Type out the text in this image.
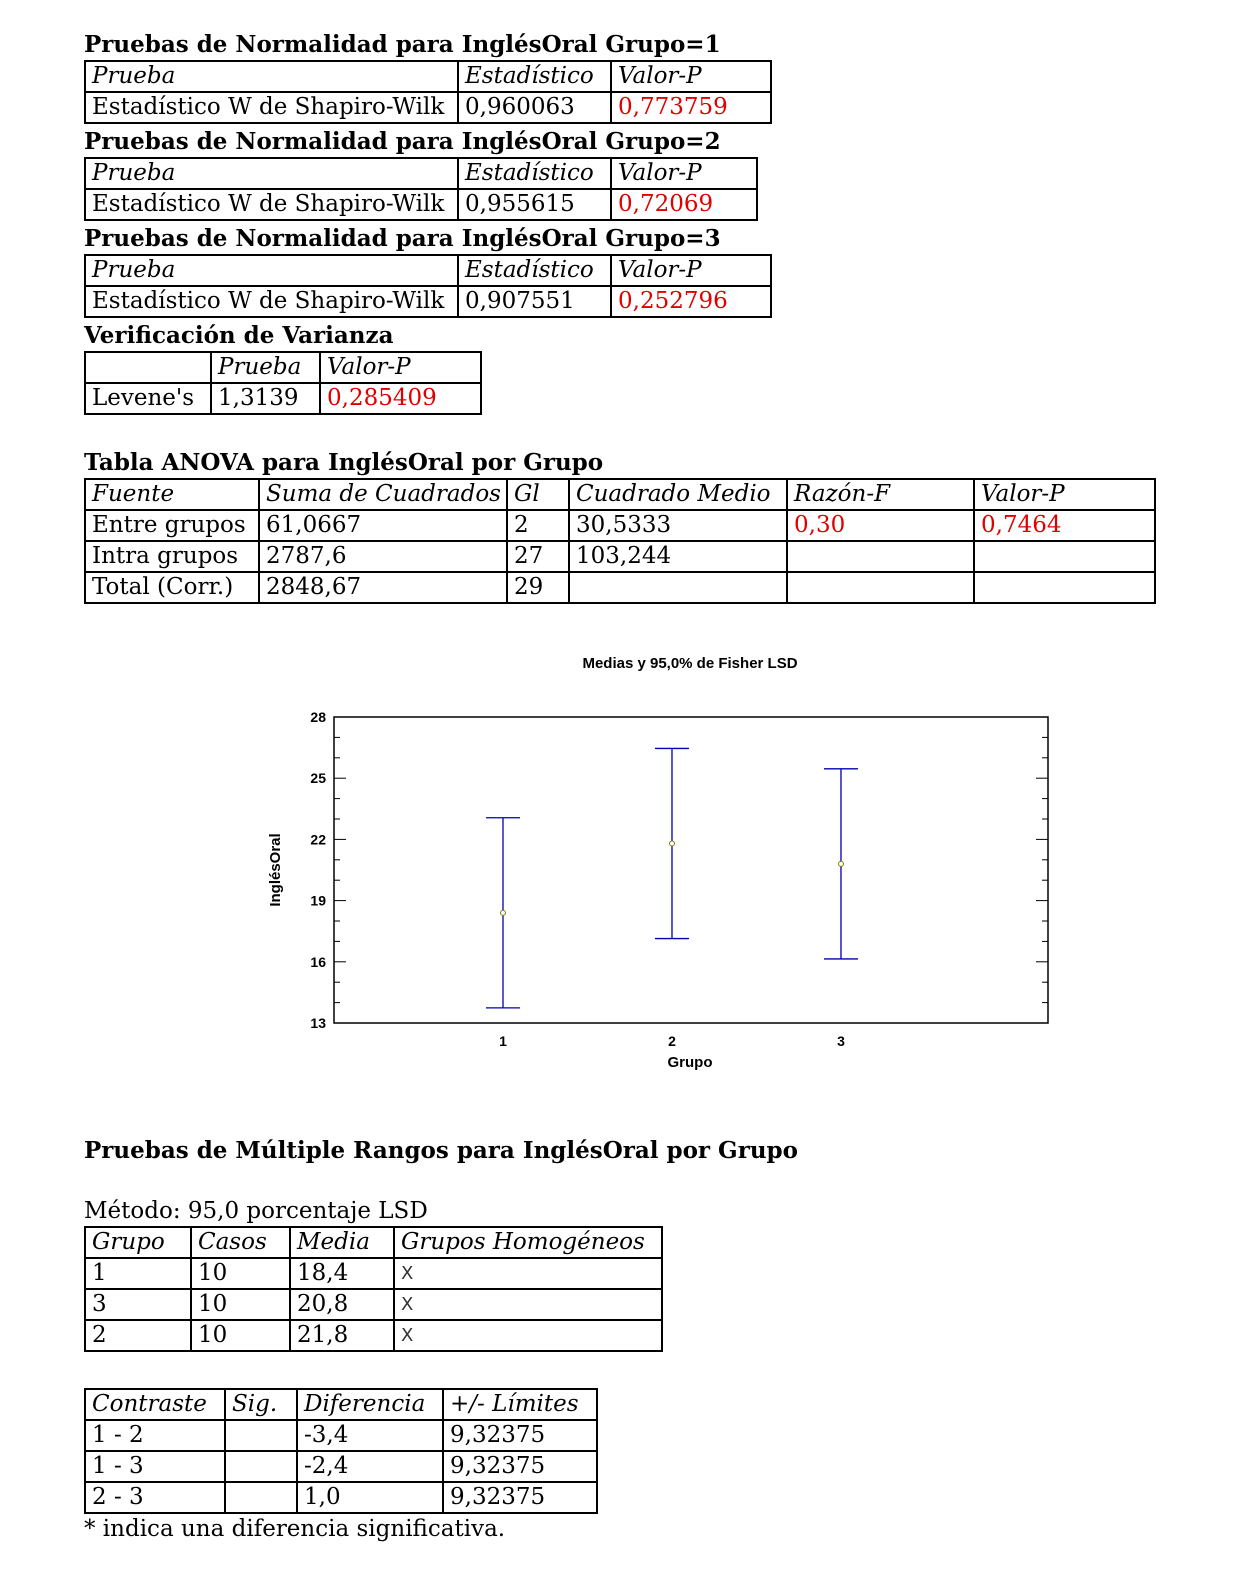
Pruebas de Normalidad para InglésOral Grupo=1
Prueba	Estadístico	Valor-P
Estadístico W de Shapiro-Wilk	0,960063	0,773759
Pruebas de Normalidad para InglésOral Grupo=2
Prueba	Estadístico	Valor-P
Estadístico W de Shapiro-Wilk	0,955615	0,72069
Pruebas de Normalidad para InglésOral Grupo=3
Prueba	Estadístico	Valor-P
Estadístico W de Shapiro-Wilk	0,907551	0,252796
Verificación de Varianza
	Prueba	Valor-P
Levene's	1,3139	0,285409
Tabla ANOVA para InglésOral por Grupo
Fuente	Suma de Cuadrados	Gl	Cuadrado Medio	Razón-F	Valor-P
Entre grupos	61,0667	2	30,5333	0,30	0,7464
Intra grupos	2787,6	27	103,244		
Total (Corr.)	2848,67	29			
Medias y 95,0% de Fisher LSD
13
16
19
22
25
28
1	2	3
Grupo
InglésOral
Pruebas de Múltiple Rangos para InglésOral por Grupo
Método: 95,0 porcentaje LSD
Grupo	Casos	Media	Grupos Homogéneos
1	10	18,4	X
3	10	20,8	X
2	10	21,8	X
Contraste	Sig.	Diferencia	+/- Límites
1 - 2		-3,4	9,32375
1 - 3		-2,4	9,32375
2 - 3		1,0	9,32375
* indica una diferencia significativa.
